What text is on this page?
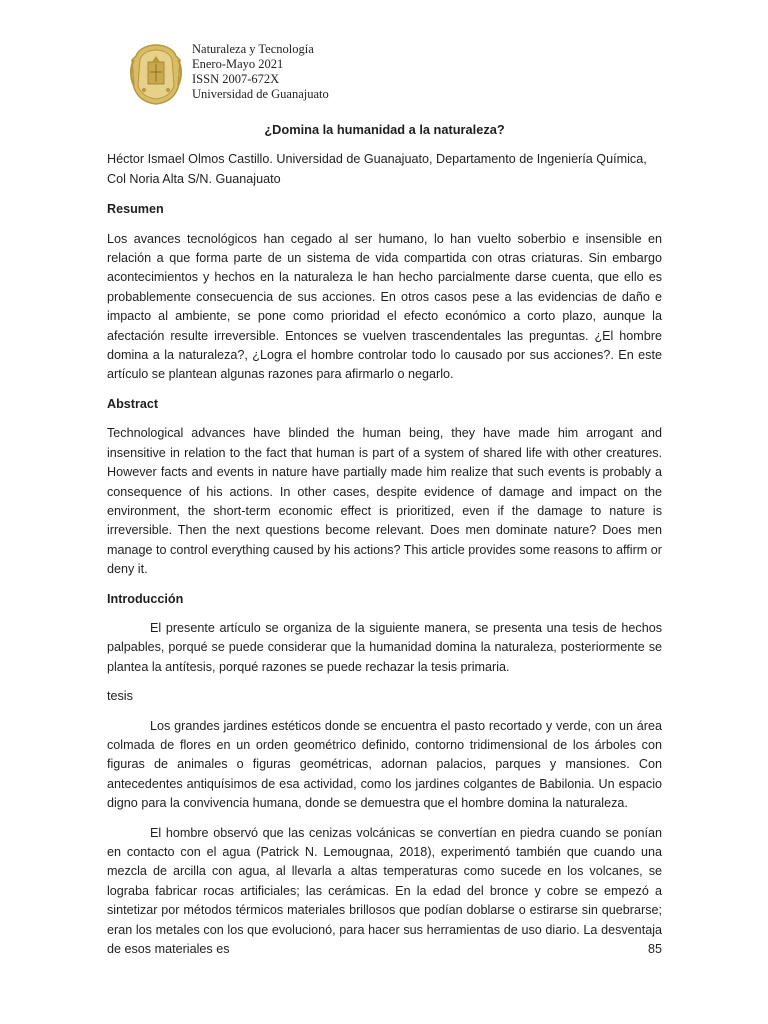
Naturaleza y Tecnología
Enero-Mayo 2021
ISSN 2007-672X
Universidad de Guanajuato
¿Domina la humanidad a la naturaleza?
Héctor Ismael Olmos Castillo. Universidad de Guanajuato, Departamento de Ingeniería Química, Col Noria Alta S/N. Guanajuato
Resumen
Los avances tecnológicos han cegado al ser humano, lo han vuelto soberbio e insensible en relación a que forma parte de un sistema de vida compartida con otras criaturas. Sin embargo acontecimientos y hechos en la naturaleza le han hecho parcialmente darse cuenta, que ello es probablemente consecuencia de sus acciones. En otros casos pese a las evidencias de daño e impacto al ambiente, se pone como prioridad el efecto económico a corto plazo, aunque la afectación resulte irreversible. Entonces se vuelven trascendentales las preguntas. ¿El hombre domina a la naturaleza?, ¿Logra el hombre controlar todo lo causado por sus acciones?. En este artículo se plantean algunas razones para afirmarlo o negarlo.
Abstract
Technological advances have blinded the human being, they have made him arrogant and insensitive in relation to the fact that human is part of a system of shared life with other creatures. However facts and events in nature have partially made him realize that such events is probably a consequence of his actions. In other cases, despite evidence of damage and impact on the environment, the short-term economic effect is prioritized, even if the damage to nature is irreversible. Then the next questions become relevant. Does men dominate nature? Does men manage to control everything caused by his actions? This article provides some reasons to affirm or deny it.
Introducción
El presente artículo se organiza de la siguiente manera, se presenta una tesis de hechos palpables, porqué se puede considerar que la humanidad domina la naturaleza, posteriormente se plantea la antítesis, porqué razones se puede rechazar la tesis primaria.
tesis
Los grandes jardines estéticos donde se encuentra el pasto recortado y verde, con un área colmada de flores en un orden geométrico definido, contorno tridimensional de los árboles con figuras de animales o figuras geométricas, adornan palacios, parques y mansiones. Con antecedentes antiquísimos de esa actividad, como los jardines colgantes de Babilonia. Un espacio digno para la convivencia humana, donde se demuestra que el hombre domina la naturaleza.
El hombre observó que las cenizas volcánicas se convertían en piedra cuando se ponían en contacto con el agua (Patrick N. Lemougnaa, 2018), experimentó también que cuando una mezcla de arcilla con agua, al llevarla a altas temperaturas como sucede en los volcanes, se lograba fabricar rocas artificiales; las cerámicas. En la edad del bronce y cobre se empezó a sintetizar por métodos térmicos materiales brillosos que podían doblarse o estirarse sin quebrarse; eran los metales con los que evolucionó, para hacer sus herramientas de uso diario. La desventaja de esos materiales es	85
